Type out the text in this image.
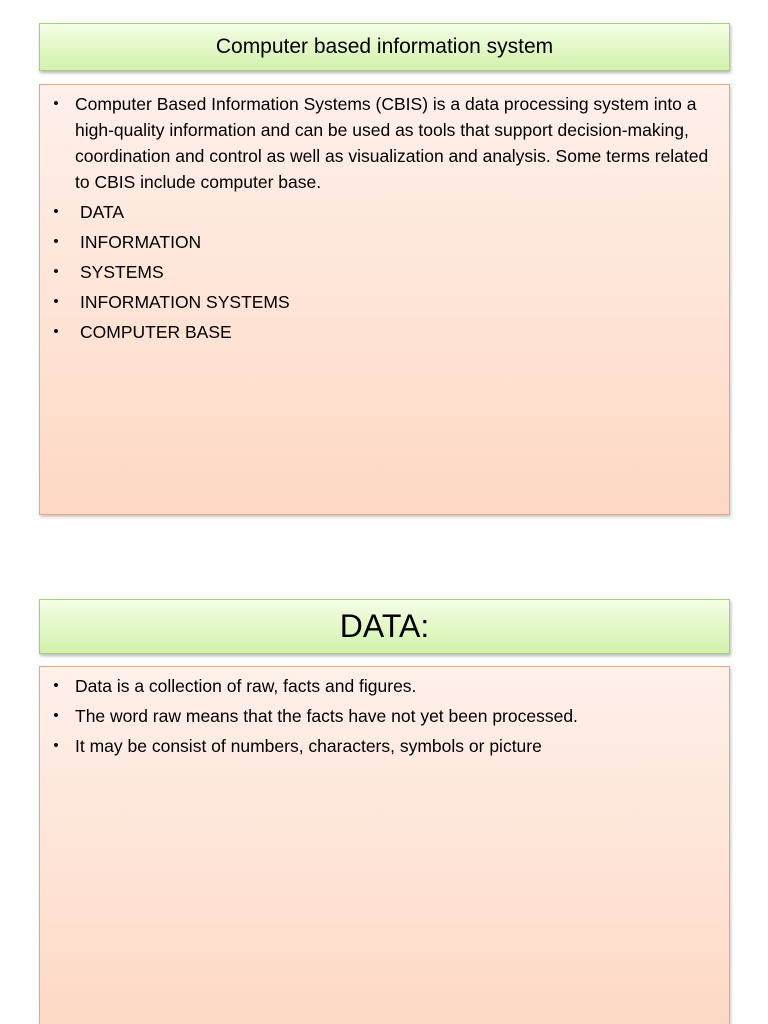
Computer based information system
• Computer Based Information Systems (CBIS) is a data processing system into a high-quality information and can be used as tools that support decision-making, coordination and control as well as visualization and analysis. Some terms related to CBIS include computer base.
•	DATA
•	INFORMATION
•	SYSTEMS
•	INFORMATION SYSTEMS
•	COMPUTER BASE
DATA:
• Data is a collection of raw, facts and figures.
• The word raw means that the facts have not yet been processed.
• It may be consist of numbers, characters, symbols or picture
